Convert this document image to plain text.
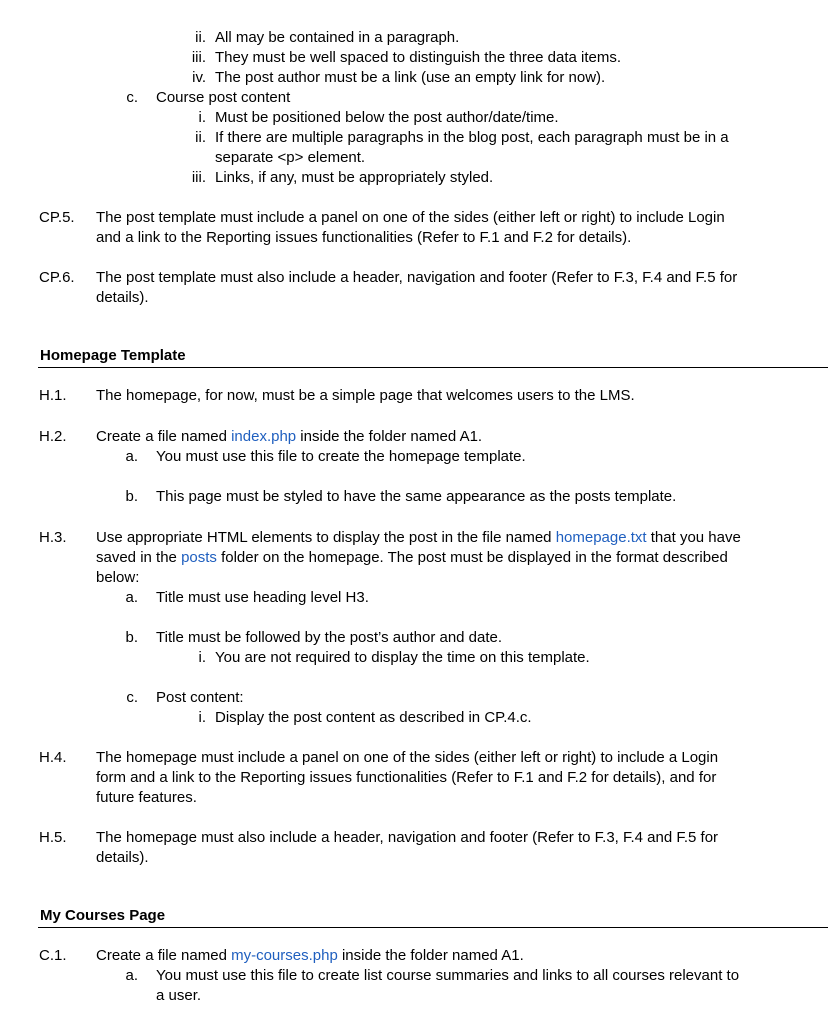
ii. All may be contained in a paragraph.
iii. They must be well spaced to distinguish the three data items.
iv. The post author must be a link (use an empty link for now).
c. Course post content
i. Must be positioned below the post author/date/time.
ii. If there are multiple paragraphs in the blog post, each paragraph must be in a
separate <p> element.
iii. Links, if any, must be appropriately styled.
CP.5. The post template must include a panel on one of the sides (either left or right) to include Login
and a link to the Reporting issues functionalities (Refer to F.1 and F.2 for details).
CP.6. The post template must also include a header, navigation and footer (Refer to F.3, F.4 and F.5 for
details).
Homepage Template
H.1. The homepage, for now, must be a simple page that welcomes users to the LMS.
H.2. Create a file named index.php inside the folder named A1.
a. You must use this file to create the homepage template.
b. This page must be styled to have the same appearance as the posts template.
H.3. Use appropriate HTML elements to display the post in the file named homepage.txt that you have
saved in the posts folder on the homepage. The post must be displayed in the format described
below:
a. Title must use heading level H3.
b. Title must be followed by the post’s author and date.
i. You are not required to display the time on this template.
c. Post content:
i. Display the post content as described in CP.4.c.
H.4. The homepage must include a panel on one of the sides (either left or right) to include a Login
form and a link to the Reporting issues functionalities (Refer to F.1 and F.2 for details), and for
future features.
H.5. The homepage must also include a header, navigation and footer (Refer to F.3, F.4 and F.5 for
details).
My Courses Page
C.1. Create a file named my-courses.php inside the folder named A1.
a. You must use this file to create list course summaries and links to all courses relevant to
a user.
